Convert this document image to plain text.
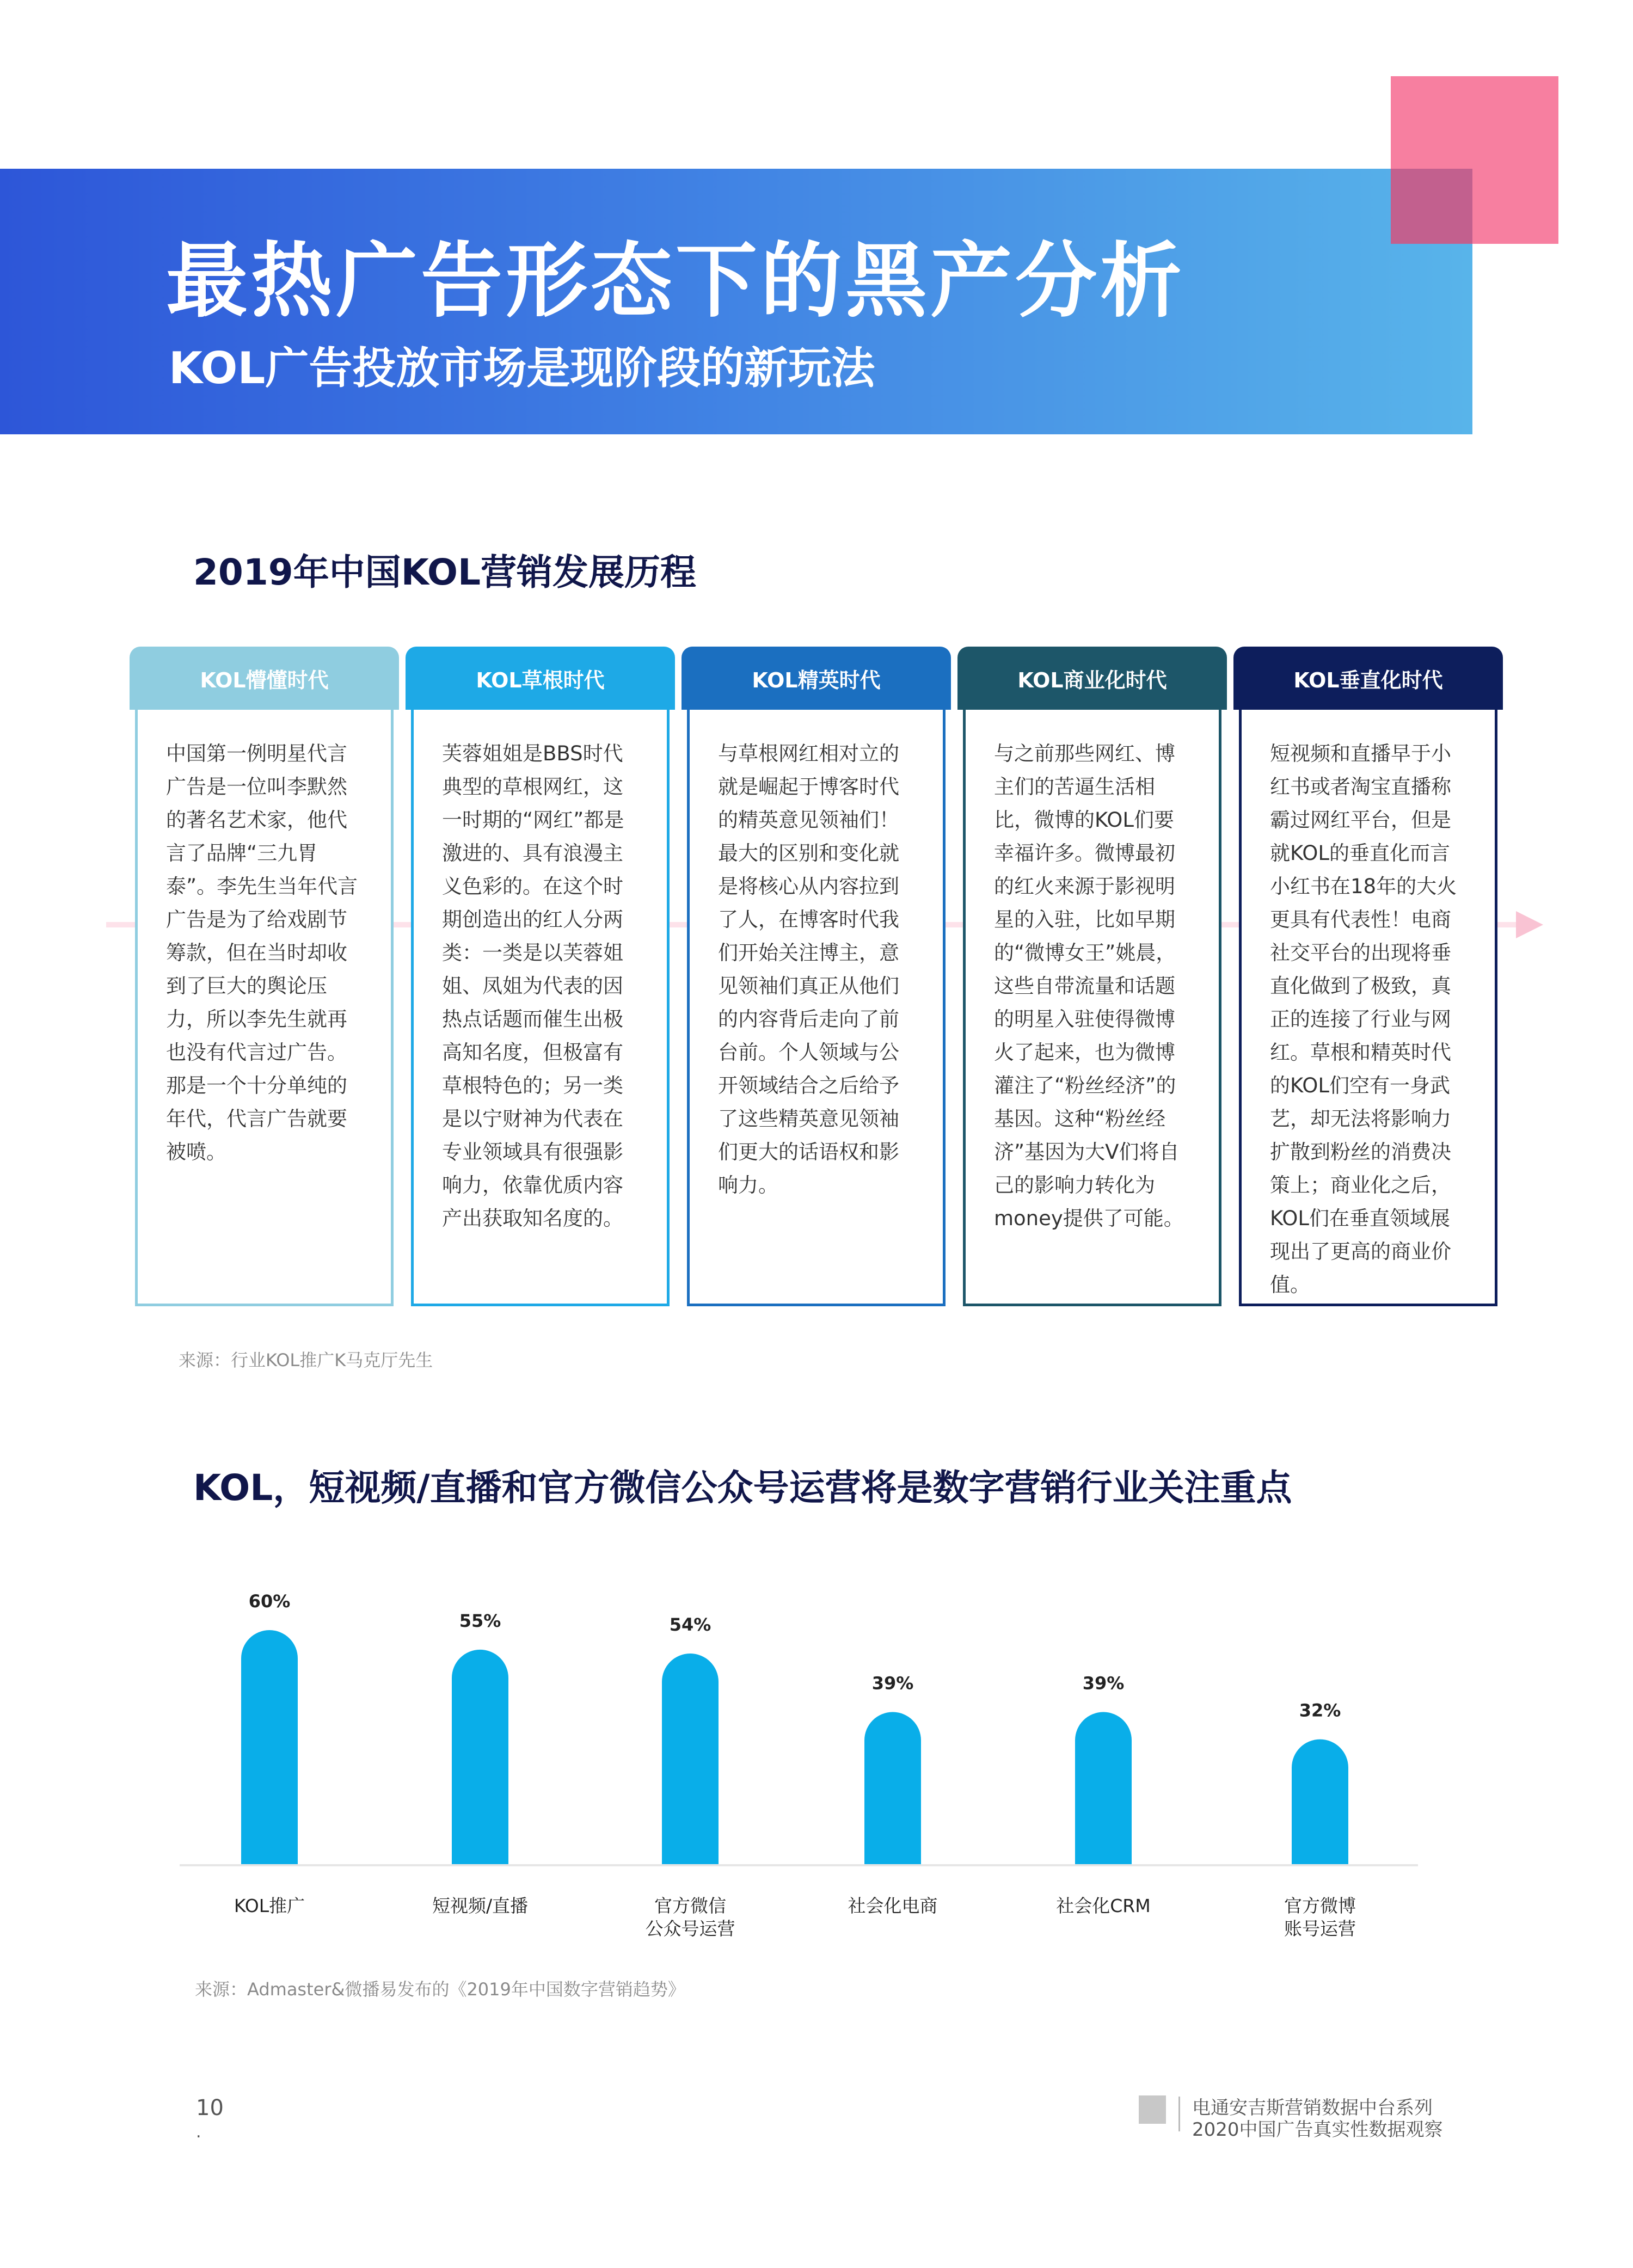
最热广告形态下的黑产分析
KOL广告投放市场是现阶段的新玩法
2019年中国KOL营销发展历程
KOL懵懂时代

中国第一例明星代言广告是一位叫李默然的著名艺术家，他代言了品牌“三九胃泰”。李先生当年代言广告是为了给戏剧节筹款，但在当时却收到了巨大的舆论压力，所以李先生就再也没有代言过广告。那是一个十分单纯的年代，代言广告就要被喷。

KOL草根时代

芙蓉姐姐是BBS时代典型的草根网红，这一时期的“网红”都是激进的、具有浪漫主义色彩的。在这个时期创造出的红人分两类：一类是以芙蓉姐姐、凤姐为代表的因热点话题而催生出极高知名度，但极富有草根特色的；另一类是以宁财神为代表在专业领域具有很强影响力，依靠优质内容产出获取知名度的。

KOL精英时代

与草根网红相对立的就是崛起于博客时代的精英意见领袖们！最大的区别和变化就是将核心从内容拉到了人，在博客时代我们开始关注博主，意见领袖们真正从他们的内容背后走向了前台前。个人领域与公开领域结合之后给予了这些精英意见领袖们更大的话语权和影响力。

KOL商业化时代

与之前那些网红、博主们的苦逼生活相比，微博的KOL们要幸福许多。微博最初的红火来源于影视明星的入驻，比如早期的“微博女王”姚晨，这些自带流量和话题的明星入驻使得微博火了起来，也为微博灌注了“粉丝经济”的基因。这种“粉丝经济”基因为大V们将自己的影响力转化为money提供了可能。

KOL垂直化时代

短视频和直播早于小红书或者淘宝直播称霸过网红平台，但是就KOL的垂直化而言小红书在18年的大火更具有代表性！电商社交平台的出现将垂直化做到了极致，真正的连接了行业与网红。草根和精英时代的KOL们空有一身武艺，却无法将影响力扩散到粉丝的消费决策上；商业化之后，KOL们在垂直领域展现出了更高的商业价值。

来源：行业KOL推广K马克厅先生
KOL，短视频/直播和官方微信公众号运营将是数字营销行业关注重点
60%
KOL推广
55%
短视频/直播
54%
官方微信
公众号运营
39%
社会化电商
39%
社会化CRM
32%
官方微博
账号运营
来源：Admaster&微播易发布的《2019年中国数字营销趋势》
10
.
电通安吉斯营销数据中台系列
2020中国广告真实性数据观察
